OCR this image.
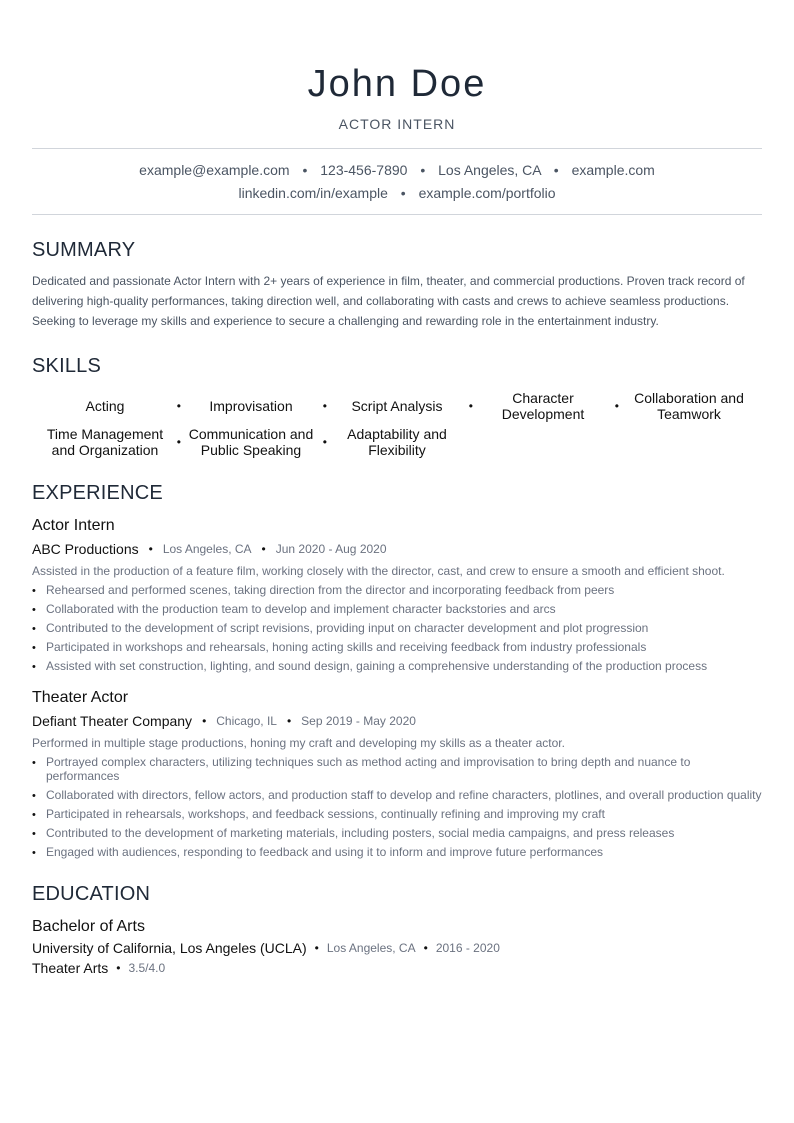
John Doe
ACTOR INTERN
example@example.com • 123-456-7890 • Los Angeles, CA • example.com
linkedin.com/in/example • example.com/portfolio
SUMMARY
Dedicated and passionate Actor Intern with 2+ years of experience in film, theater, and commercial productions. Proven track record of delivering high-quality performances, taking direction well, and collaborating with casts and crews to achieve seamless productions. Seeking to leverage my skills and experience to secure a challenging and rewarding role in the entertainment industry.
SKILLS
Acting	• Improvisation	• Script Analysis •	Character Development	•	Collaboration and Teamwork
Time Management and Organization	• Communication and Public Speaking	•	Adaptability and Flexibility
EXPERIENCE
Actor Intern
ABC Productions • Los Angeles, CA • Jun 2020 - Aug 2020
Assisted in the production of a feature film, working closely with the director, cast, and crew to ensure a smooth and efficient shoot.
• Rehearsed and performed scenes, taking direction from the director and incorporating feedback from peers
• Collaborated with the production team to develop and implement character backstories and arcs
• Contributed to the development of script revisions, providing input on character development and plot progression
• Participated in workshops and rehearsals, honing acting skills and receiving feedback from industry professionals
• Assisted with set construction, lighting, and sound design, gaining a comprehensive understanding of the production process
Theater Actor
Defiant Theater Company • Chicago, IL • Sep 2019 - May 2020
Performed in multiple stage productions, honing my craft and developing my skills as a theater actor.
• Portrayed complex characters, utilizing techniques such as method acting and improvisation to bring depth and nuance to performances
• Collaborated with directors, fellow actors, and production staff to develop and refine characters, plotlines, and overall production quality
• Participated in rehearsals, workshops, and feedback sessions, continually refining and improving my craft
• Contributed to the development of marketing materials, including posters, social media campaigns, and press releases
• Engaged with audiences, responding to feedback and using it to inform and improve future performances
EDUCATION
Bachelor of Arts
University of California, Los Angeles (UCLA) • Los Angeles, CA • 2016 - 2020
Theater Arts • 3.5/4.0
